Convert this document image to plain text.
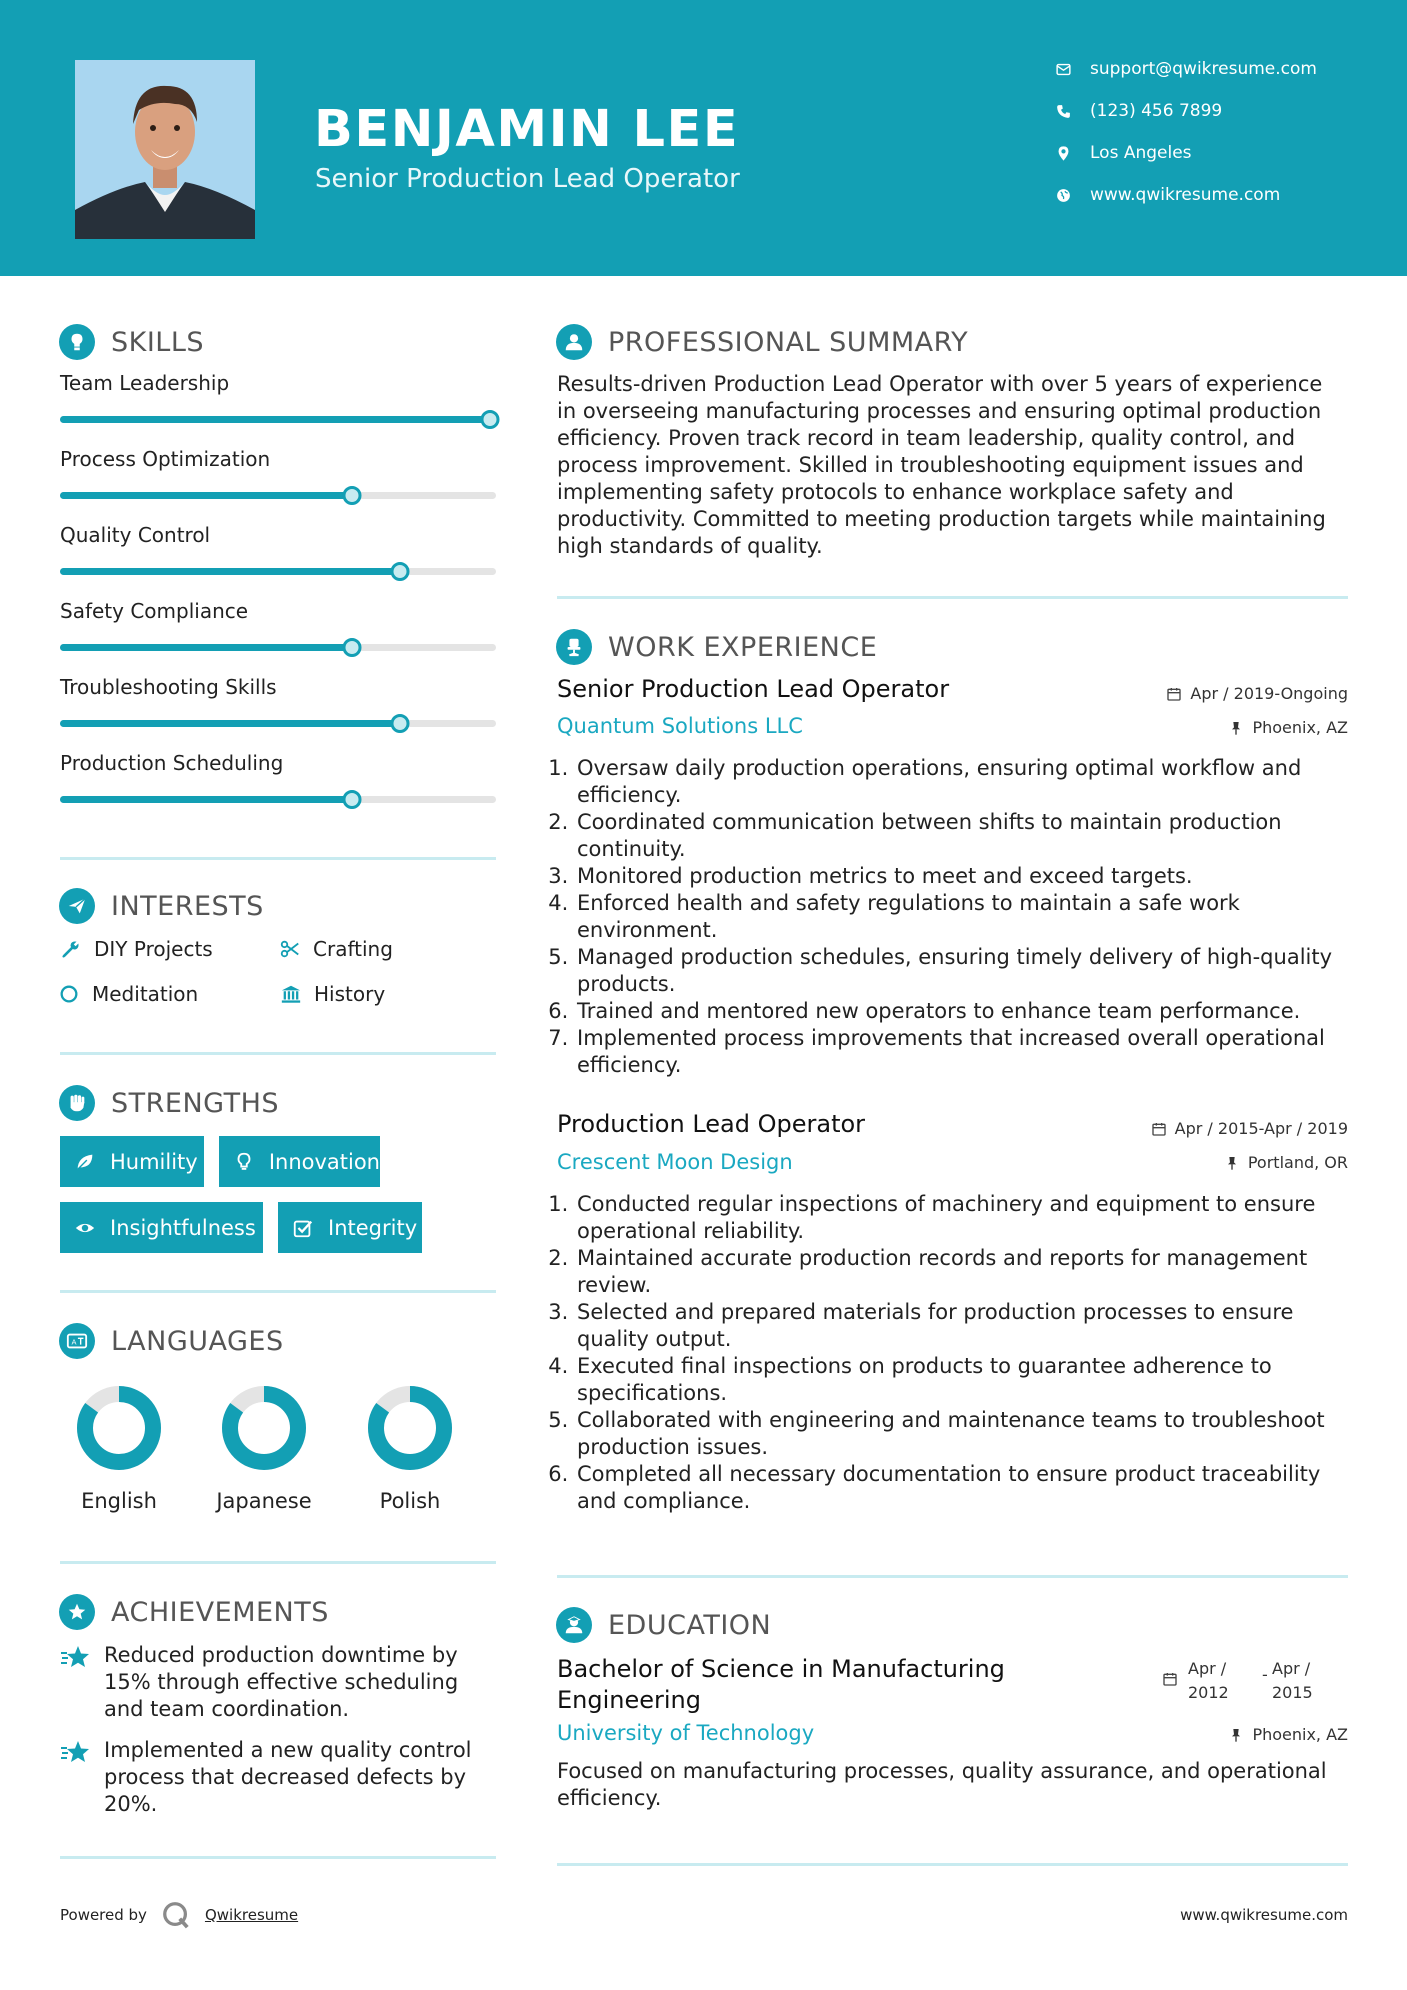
BENJAMIN LEE
Senior Production Lead Operator
support@qwikresume.com
(123) 456 7899
Los Angeles
www.qwikresume.com
SKILLS
Team Leadership
Process Optimization
Quality Control
Safety Compliance
Troubleshooting Skills
Production Scheduling
INTERESTS
DIY Projects	Crafting
Meditation	History
STRENGTHS
Humility	Innovation
Insightfulness	Integrity
A LANGUAGES
English	Japanese	Polish
ACHIEVEMENTS
Reduced production downtime by 15% through effective scheduling and team coordination.
Implemented a new quality control process that decreased defects by 20%.
PROFESSIONAL SUMMARY
Results-driven Production Lead Operator with over 5 years of experience in overseeing manufacturing processes and ensuring optimal production efficiency. Proven track record in team leadership, quality control, and process improvement. Skilled in troubleshooting equipment issues and implementing safety protocols to enhance workplace safety and productivity. Committed to meeting production targets while maintaining high standards of quality.
WORK EXPERIENCE
Senior Production Lead Operator	Apr / 2019-Ongoing
Quantum Solutions LLC	Phoenix, AZ
1. Oversaw daily production operations, ensuring optimal workflow and efficiency.
2. Coordinated communication between shifts to maintain production continuity.
3. Monitored production metrics to meet and exceed targets.
4. Enforced health and safety regulations to maintain a safe work environment.
5. Managed production schedules, ensuring timely delivery of high-quality products.
6. Trained and mentored new operators to enhance team performance.
7. Implemented process improvements that increased overall operational efficiency.
Production Lead Operator	Apr / 2015-Apr / 2019
Crescent Moon Design	Portland, OR
1. Conducted regular inspections of machinery and equipment to ensure operational reliability.
2. Maintained accurate production records and reports for management review.
3. Selected and prepared materials for production processes to ensure quality output.
4. Executed final inspections on products to guarantee adherence to specifications.
5. Collaborated with engineering and maintenance teams to troubleshoot production issues.
6. Completed all necessary documentation to ensure product traceability and compliance.
EDUCATION
Bachelor of Science in Manufacturing Engineering
Apr / 2012
- Apr / 2015
University of Technology	Phoenix, AZ
Focused on manufacturing processes, quality assurance, and operational efficiency.
Powered by	Qwikresume	www.qwikresume.com
